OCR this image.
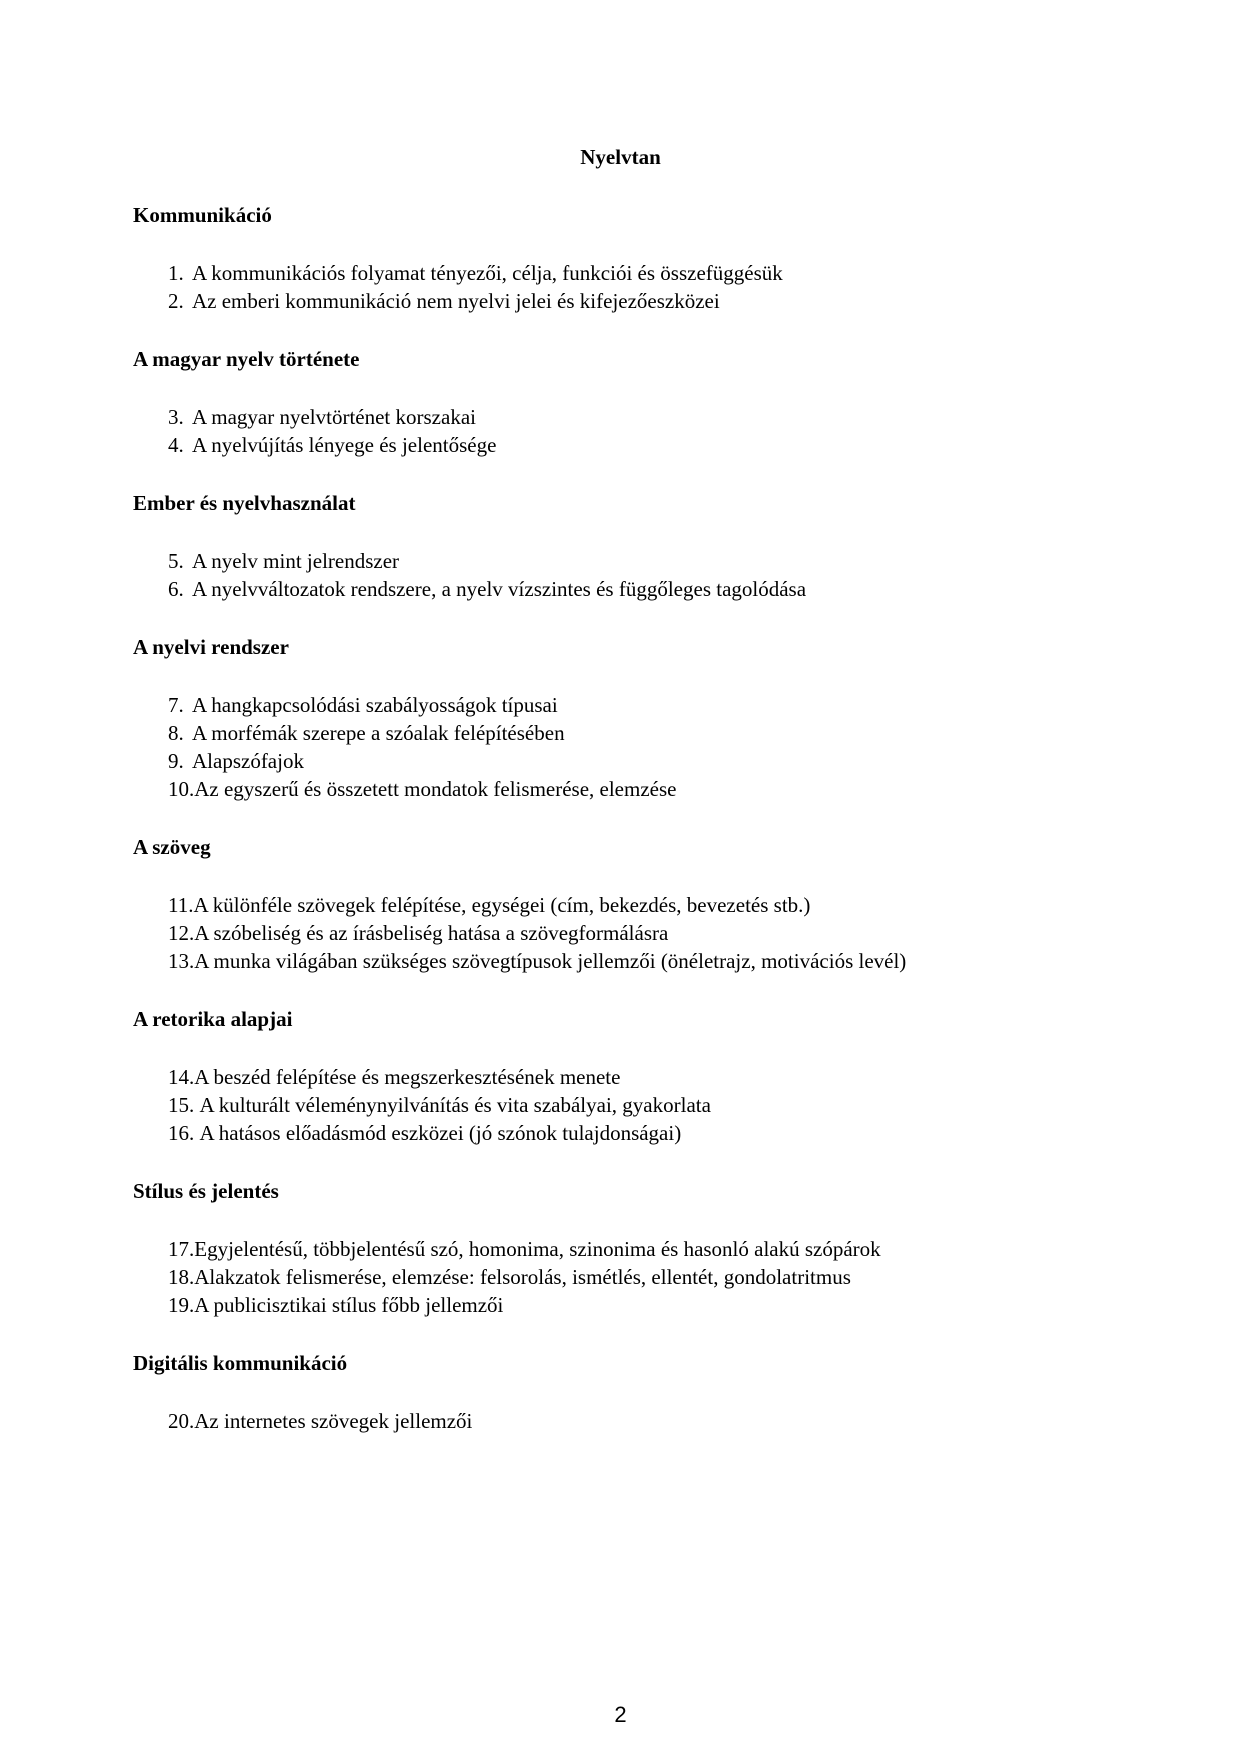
Nyelvtan
Kommunikáció
1. A kommunikációs folyamat tényezői, célja, funkciói és összefüggésük
2. Az emberi kommunikáció nem nyelvi jelei és kifejezőeszközei
A magyar nyelv története
3. A magyar nyelvtörténet korszakai
4. A nyelvújítás lényege és jelentősége
Ember és nyelvhasználat
5. A nyelv mint jelrendszer
6. A nyelvváltozatok rendszere, a nyelv vízszintes és függőleges tagolódása
A nyelvi rendszer
7. A hangkapcsolódási szabályosságok típusai
8. A morfémák szerepe a szóalak felépítésében
9. Alapszófajok
10. Az egyszerű és összetett mondatok felismerése, elemzése
A szöveg
11. A különféle szövegek felépítése, egységei (cím, bekezdés, bevezetés stb.)
12. A szóbeliség és az írásbeliség hatása a szövegformálásra
13. A munka világában szükséges szövegtípusok jellemzői (önéletrajz, motivációs levél)
A retorika alapjai
14. A beszéd felépítése és megszerkesztésének menete
15. A kulturált véleménynyilvánítás és vita szabályai, gyakorlata
16. A hatásos előadásmód eszközei (jó szónok tulajdonságai)
Stílus és jelentés
17. Egyjelentésű, többjelentésű szó, homonima, szinonima és hasonló alakú szópárok
18. Alakzatok felismerése, elemzése: felsorolás, ismétlés, ellentét, gondolatritmus
19. A publicisztikai stílus főbb jellemzői
Digitális kommunikáció
20. Az internetes szövegek jellemzői
2
